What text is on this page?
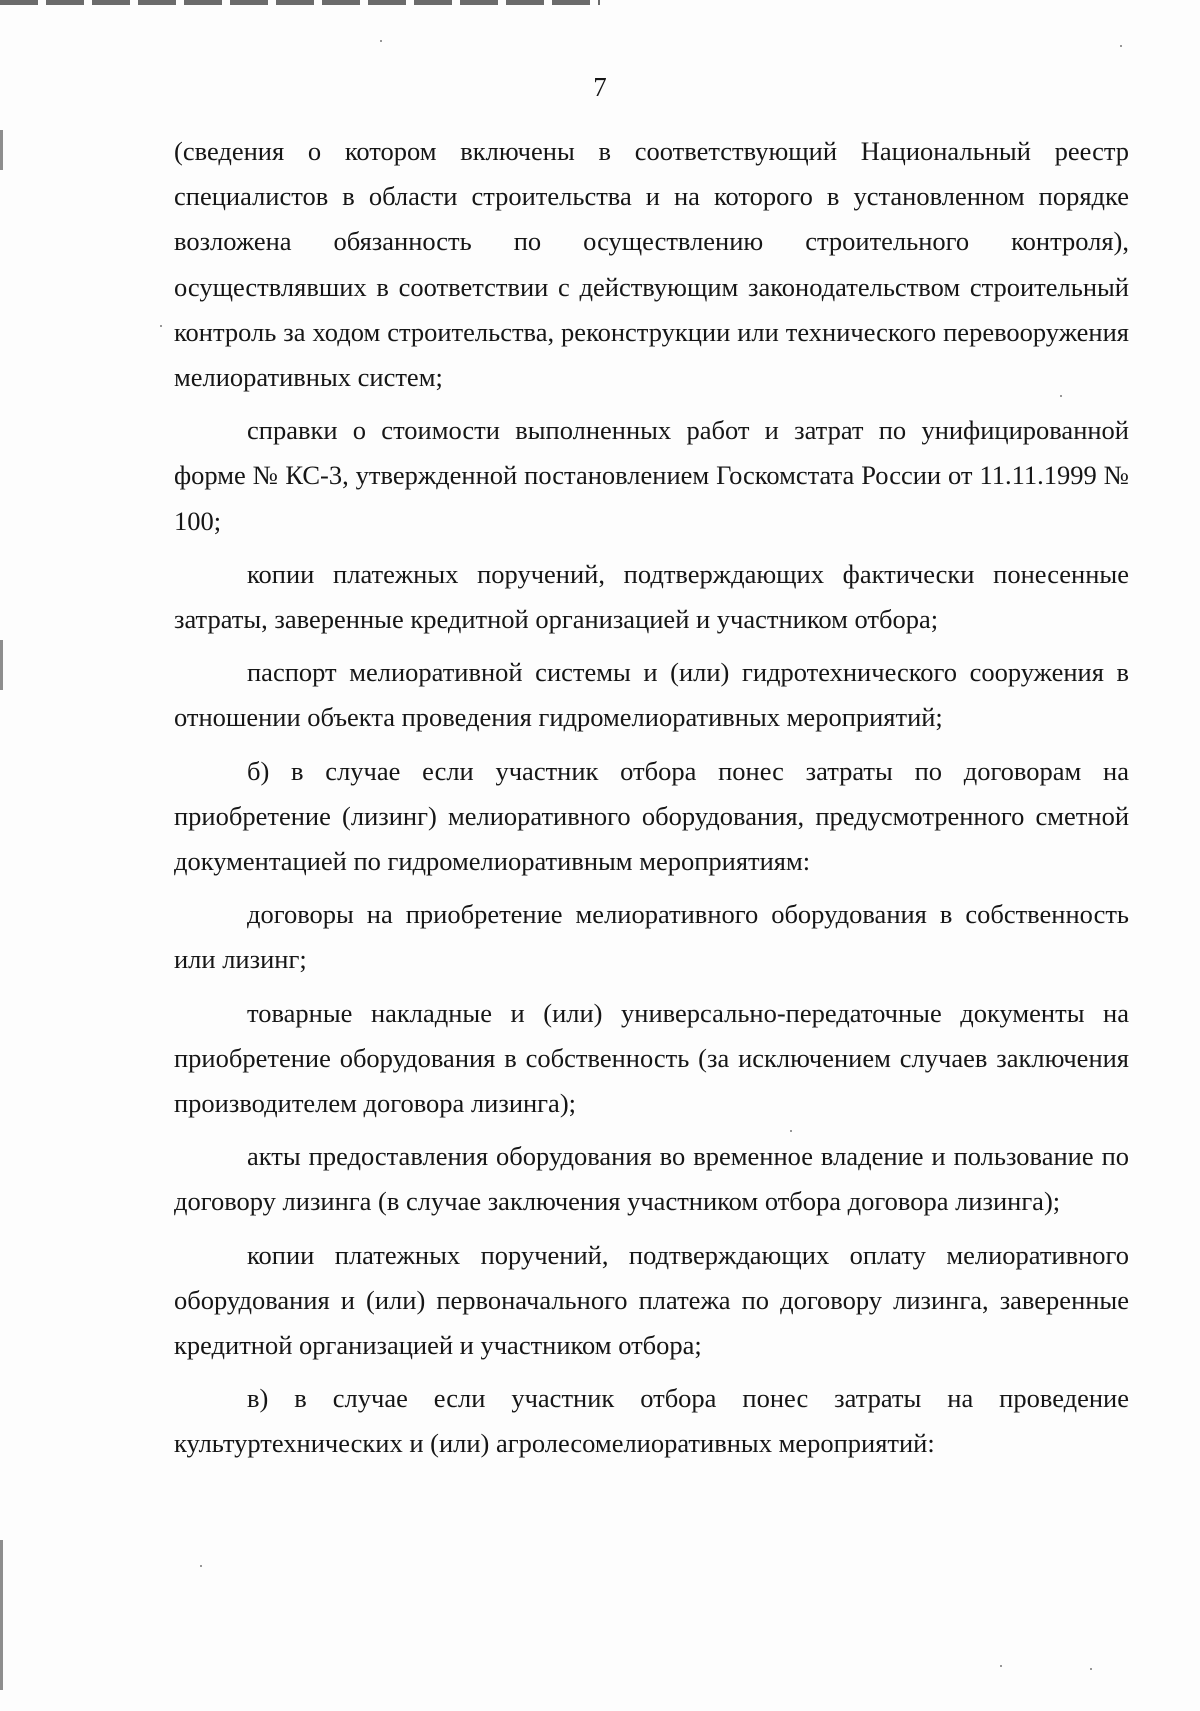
7

(сведения о котором включены в соответствующий Национальный реестр специалистов в области строительства и на которого в установленном порядке возложена обязанность по осуществлению строительного контроля), осуществлявших в соответствии с действующим законодательством строительный контроль за ходом строительства, реконструкции или технического перевооружения мелиоративных систем;

справки о стоимости выполненных работ и затрат по унифицированной форме № КС-3, утвержденной постановлением Госкомстата России от 11.11.1999 № 100;

копии платежных поручений, подтверждающих фактически понесенные затраты, заверенные кредитной организацией и участником отбора;

паспорт мелиоративной системы и (или) гидротехнического сооружения в отношении объекта проведения гидромелиоративных мероприятий;

б) в случае если участник отбора понес затраты по договорам на приобретение (лизинг) мелиоративного оборудования, предусмотренного сметной документацией по гидромелиоративным мероприятиям:

договоры на приобретение мелиоративного оборудования в собственность или лизинг;

товарные накладные и (или) универсально-передаточные документы на приобретение оборудования в собственность (за исключением случаев заключения производителем договора лизинга);

акты предоставления оборудования во временное владение и пользование по договору лизинга (в случае заключения участником отбора договора лизинга);

копии платежных поручений, подтверждающих оплату мелиоративного оборудования и (или) первоначального платежа по договору лизинга, заверенные кредитной организацией и участником отбора;

в) в случае если участник отбора понес затраты на проведение культуртехнических и (или) агролесомелиоративных мероприятий:
